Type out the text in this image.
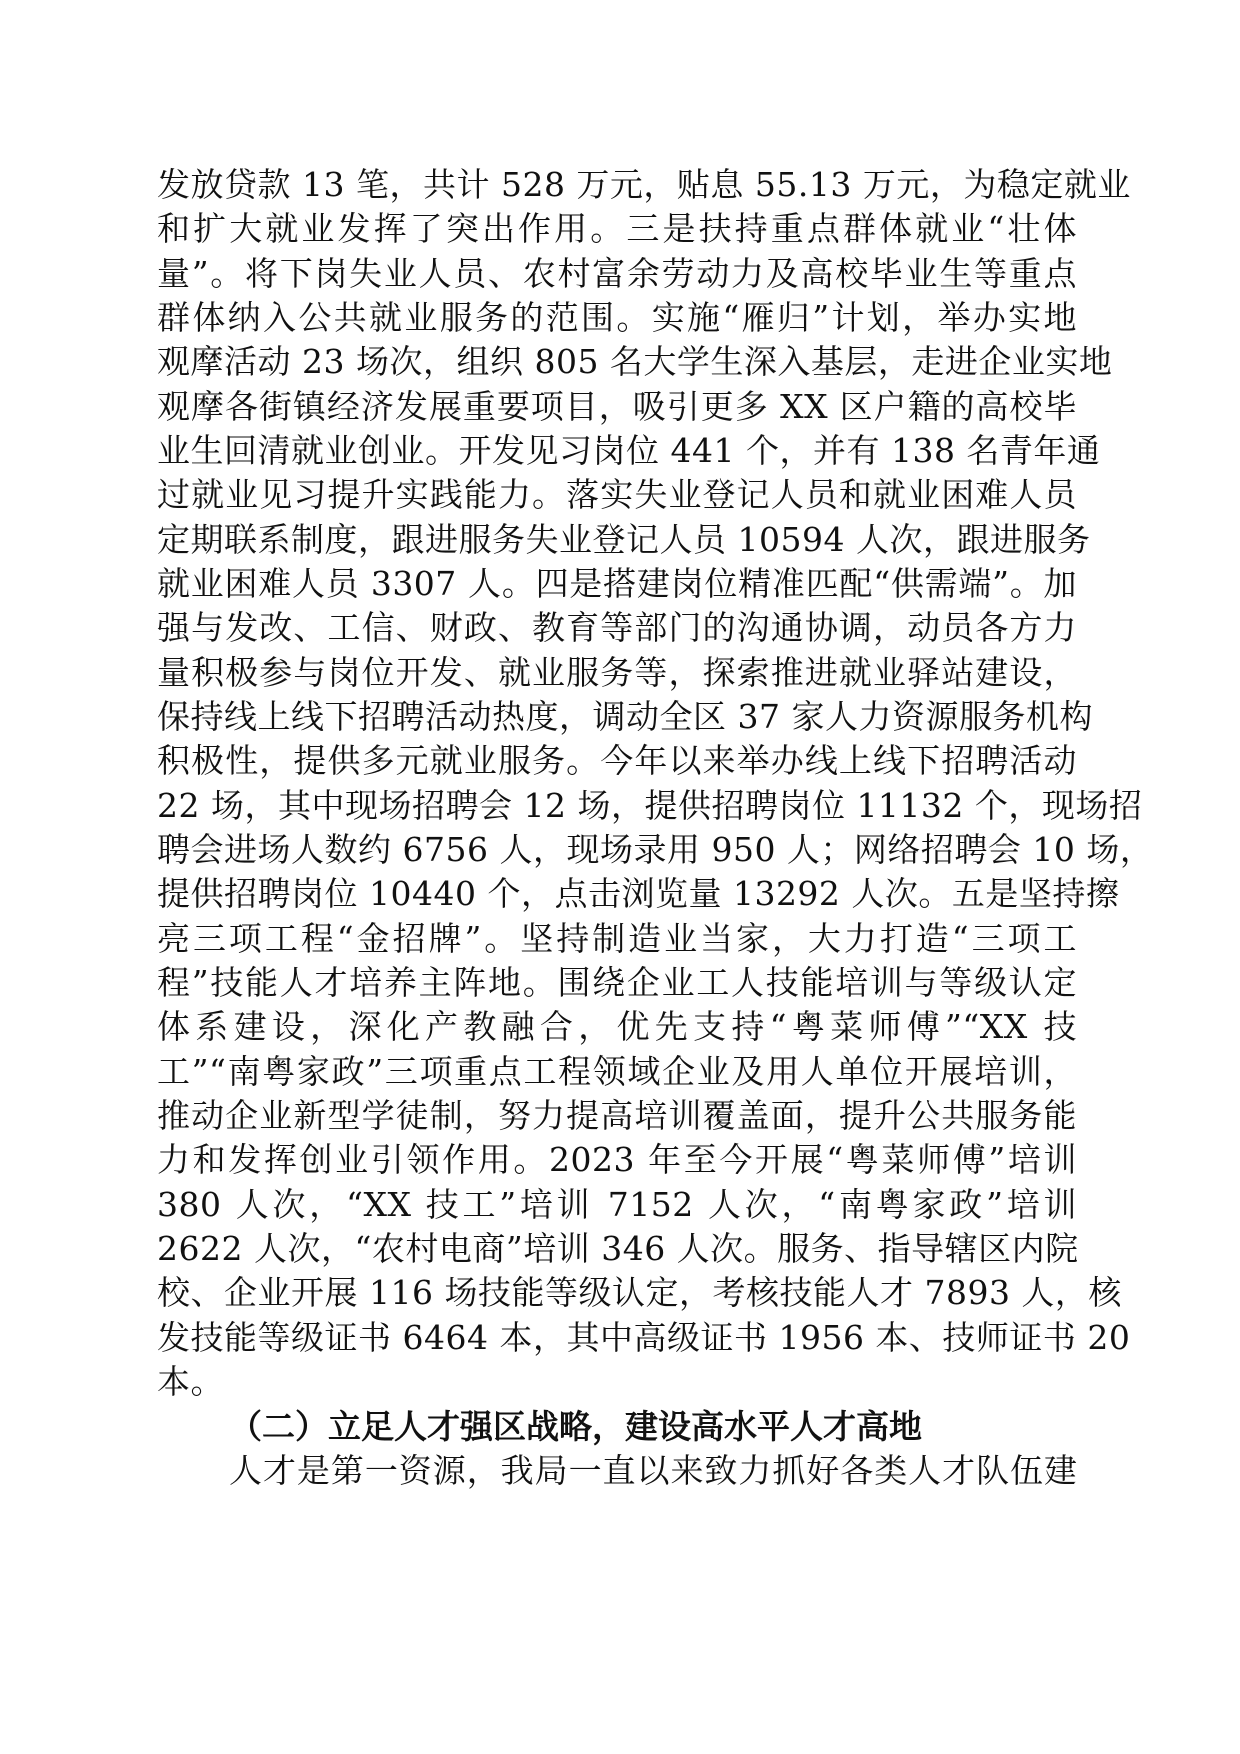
发放贷款 13 笔，共计 528 万元，贴息 55.13 万元，为稳定就业
和扩大就业发挥了突出作用。三是扶持重点群体就业“壮体
量”。将下岗失业人员、农村富余劳动力及高校毕业生等重点
群体纳入公共就业服务的范围。实施“雁归”计划，举办实地
观摩活动 23 场次，组织 805 名大学生深入基层，走进企业实地
观摩各街镇经济发展重要项目，吸引更多 XX 区户籍的高校毕
业生回清就业创业。开发见习岗位 441 个，并有 138 名青年通
过就业见习提升实践能力。落实失业登记人员和就业困难人员
定期联系制度，跟进服务失业登记人员 10594 人次，跟进服务
就业困难人员 3307 人。四是搭建岗位精准匹配“供需端”。加
强与发改、工信、财政、教育等部门的沟通协调，动员各方力
量积极参与岗位开发、就业服务等，探索推进就业驿站建设，
保持线上线下招聘活动热度，调动全区 37 家人力资源服务机构
积极性，提供多元就业服务。今年以来举办线上线下招聘活动
22 场，其中现场招聘会 12 场，提供招聘岗位 11132 个，现场招
聘会进场人数约 6756 人，现场录用 950 人；网络招聘会 10 场，
提供招聘岗位 10440 个，点击浏览量 13292 人次。五是坚持擦
亮三项工程“金招牌”。坚持制造业当家，大力打造“三项工
程”技能人才培养主阵地。围绕企业工人技能培训与等级认定
体系建设，深化产教融合，优先支持“粤菜师傅”“XX 技
工”“南粤家政”三项重点工程领域企业及用人单位开展培训，
推动企业新型学徒制，努力提高培训覆盖面，提升公共服务能
力和发挥创业引领作用。2023 年至今开展“粤菜师傅”培训
380 人次，“XX 技工”培训 7152 人次，“南粤家政”培训
2622 人次，“农村电商”培训 346 人次。服务、指导辖区内院
校、企业开展 116 场技能等级认定，考核技能人才 7893 人，核
发技能等级证书 6464 本，其中高级证书 1956 本、技师证书 20
本。
（二）立足人才强区战略，建设高水平人才高地
人才是第一资源，我局一直以来致力抓好各类人才队伍建
